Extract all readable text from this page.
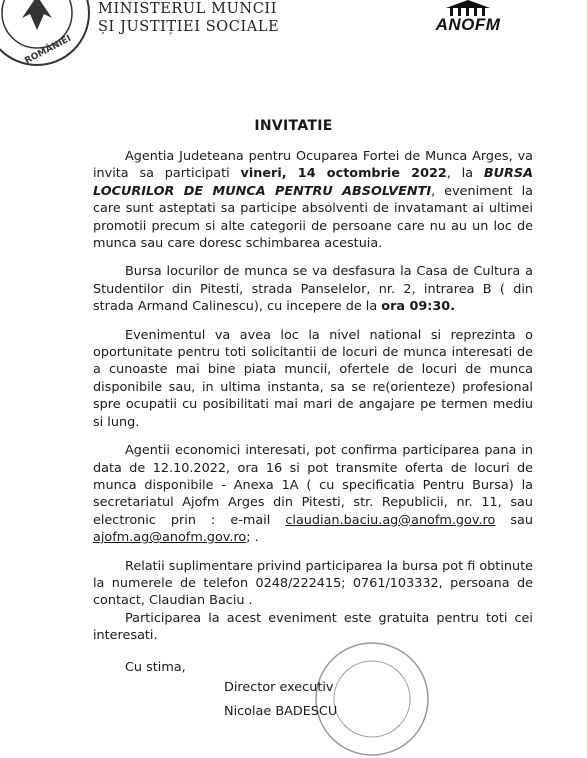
ROMÂNIEI
MINISTERUL MUNCII
ȘI JUSTIȚIEI SOCIALE	ANOFM
INVITATIE

Agentia Judeteana pentru Ocuparea Fortei de Munca Arges, va invita sa participati vineri, 14 octombrie 2022, la BURSA LOCURILOR DE MUNCA PENTRU ABSOLVENTI, eveniment la care sunt asteptati sa participe absolventi de invatamant ai ultimei promotii precum si alte categorii de persoane care nu au un loc de munca sau care doresc schimbarea acestuia.

Bursa locurilor de munca se va desfasura la Casa de Cultura a Studentilor din Pitesti, strada Panselelor, nr. 2, intrarea B ( din strada Armand Calinescu), cu incepere de la ora 09:30.

Evenimentul va avea loc la nivel national si reprezinta o oportunitate pentru toti solicitantii de locuri de munca interesati de a cunoaste mai bine piata muncii, ofertele de locuri de munca disponibile sau, in ultima instanta, sa se re(orienteze) profesional spre ocupatii cu posibilitati mai mari de angajare pe termen mediu si lung.

Agentii economici interesati, pot confirma participarea pana in data de 12.10.2022, ora 16 si pot transmite oferta de locuri de munca disponibile - Anexa 1A ( cu specificatia Pentru Bursa) la secretariatul Ajofm Arges din Pitesti, str. Republicii, nr. 11, sau electronic prin : e-mail claudian.baciu.ag@anofm.gov.ro sau ajofm.ag@anofm.gov.ro; .

Relatii suplimentare privind participarea la bursa pot fi obtinute la numerele de telefon 0248/222415; 0761/103332, persoana de contact, Claudian Baciu .

Participarea la acest eveniment este gratuita pentru toti cei interesati.

Cu stima,
Director executiv
Nicolae BADESCU
